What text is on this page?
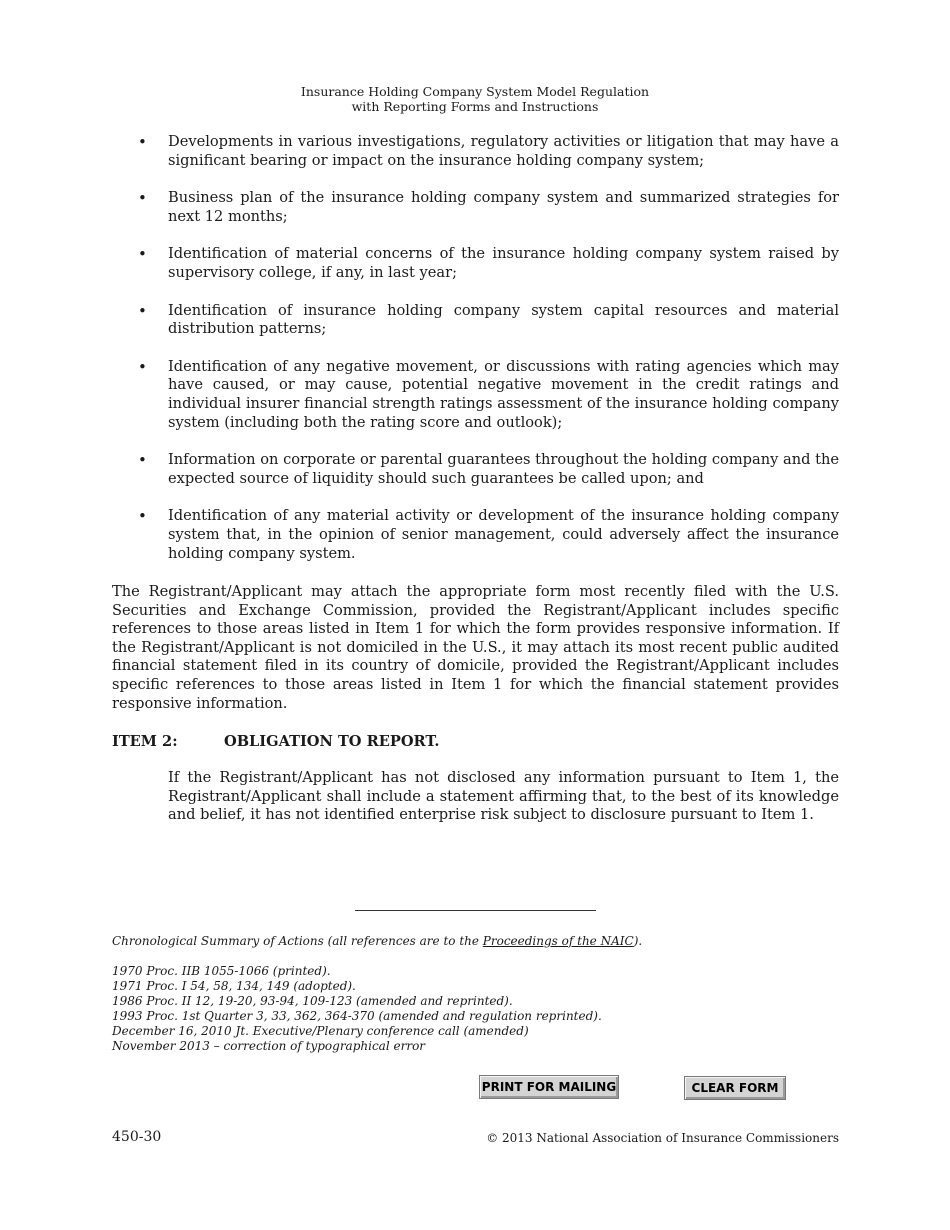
Insurance Holding Company System Model Regulation
with Reporting Forms and Instructions
• Developments in various investigations, regulatory activities or litigation that may have a significant bearing or impact on the insurance holding company system;
• Business plan of the insurance holding company system and summarized strategies for next 12 months;
• Identification of material concerns of the insurance holding company system raised by supervisory college, if any, in last year;
• Identification of insurance holding company system capital resources and material distribution patterns;
• Identification of any negative movement, or discussions with rating agencies which may have caused, or may cause, potential negative movement in the credit ratings and individual insurer financial strength ratings assessment of the insurance holding company system (including both the rating score and outlook);
• Information on corporate or parental guarantees throughout the holding company and the expected source of liquidity should such guarantees be called upon; and
• Identification of any material activity or development of the insurance holding company system that, in the opinion of senior management, could adversely affect the insurance holding company system.
The Registrant/Applicant may attach the appropriate form most recently filed with the U.S. Securities and Exchange Commission, provided the Registrant/Applicant includes specific references to those areas listed in Item 1 for which the form provides responsive information. If the Registrant/Applicant is not domiciled in the U.S., it may attach its most recent public audited financial statement filed in its country of domicile, provided the Registrant/Applicant includes specific references to those areas listed in Item 1 for which the financial statement provides responsive information.
ITEM 2:	OBLIGATION TO REPORT.
If the Registrant/Applicant has not disclosed any information pursuant to Item 1, the Registrant/Applicant shall include a statement affirming that, to the best of its knowledge and belief, it has not identified enterprise risk subject to disclosure pursuant to Item 1.
Chronological Summary of Actions (all references are to the Proceedings of the NAIC).
1970 Proc. IIB 1055-1066 (printed).
1971 Proc. I 54, 58, 134, 149 (adopted).
1986 Proc. II 12, 19-20, 93-94, 109-123 (amended and reprinted).
1993 Proc. 1st Quarter 3, 33, 362, 364-370 (amended and regulation reprinted).
December 16, 2010 Jt. Executive/Plenary conference call (amended)
November 2013 – correction of typographical error
PRINT FOR MAILING	CLEAR FORM
450-30	© 2013 National Association of Insurance Commissioners
